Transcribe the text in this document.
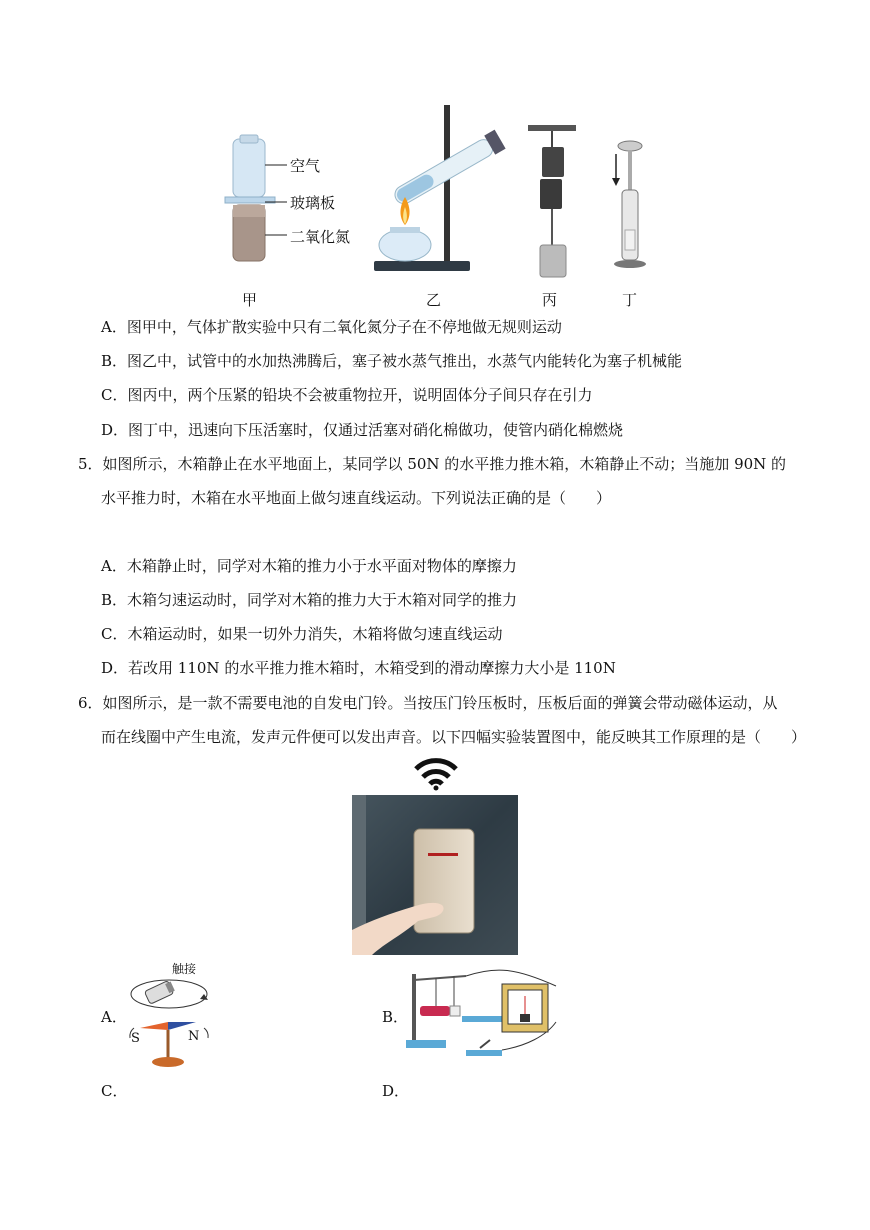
空气
玻璃板
二氧化氮
甲	乙	丙	丁
A．图甲中，气体扩散实验中只有二氧化氮分子在不停地做无规则运动
B．图乙中，试管中的水加热沸腾后，塞子被水蒸气推出，水蒸气内能转化为塞子机械能
C．图丙中，两个压紧的铅块不会被重物拉开，说明固体分子间只存在引力
D．图丁中，迅速向下压活塞时，仅通过活塞对硝化棉做功，使管内硝化棉燃烧
5．如图所示，木箱静止在水平地面上，某同学以 50N 的水平推力推木箱，木箱静止不动；当施加 90N 的
水平推力时，木箱在水平地面上做匀速直线运动。下列说法正确的是（　　）
A．木箱静止时，同学对木箱的推力小于水平面对物体的摩擦力
B．木箱匀速运动时，同学对木箱的推力大于木箱对同学的推力
C．木箱运动时，如果一切外力消失，木箱将做匀速直线运动
D．若改用 110N 的水平推力推木箱时，木箱受到的滑动摩擦力大小是 110N
6．如图所示，是一款不需要电池的自发电门铃。当按压门铃压板时，压板后面的弹簧会带动磁体运动，从
而在线圈中产生电流，发声元件便可以发出声音。以下四幅实验装置图中，能反映其工作原理的是（　　）
触接
S	N
A．	B．
C．	D．
